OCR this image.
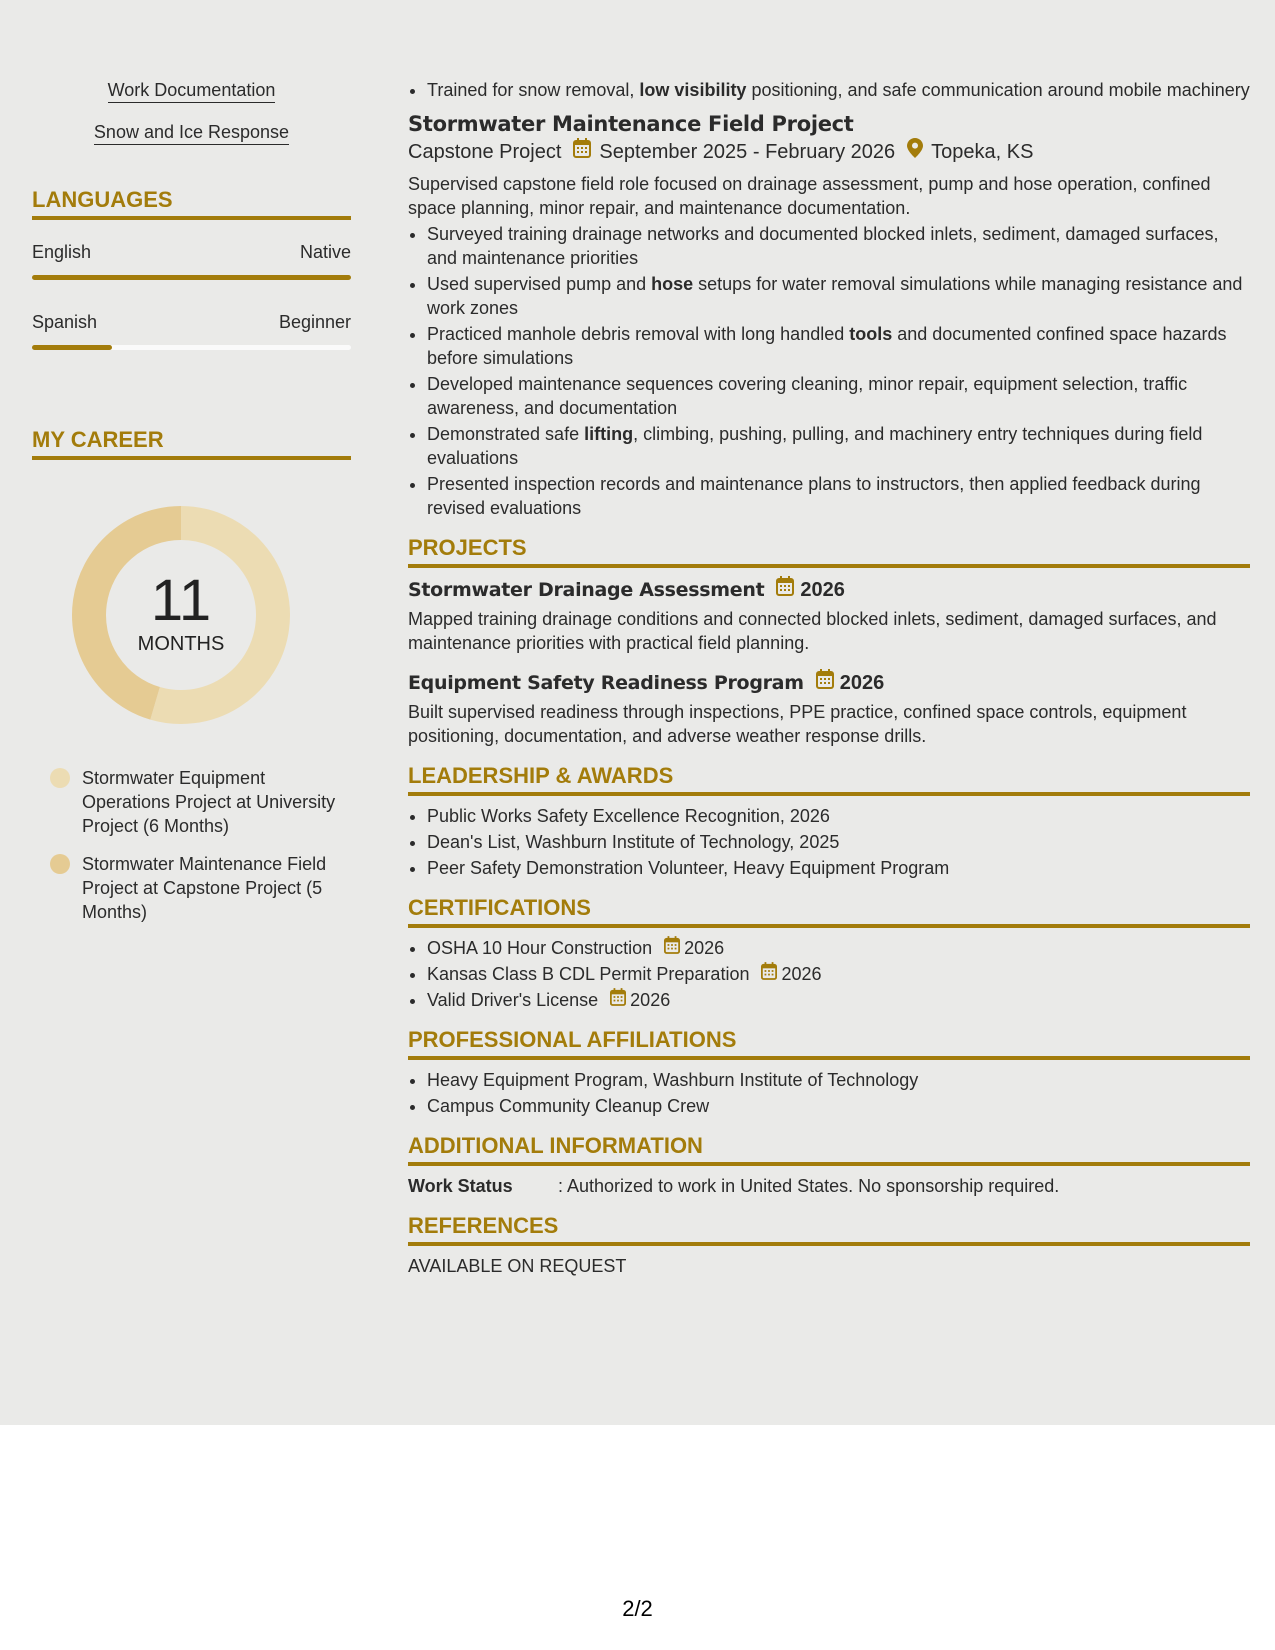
Work Documentation
Snow and Ice Response
LANGUAGES
English	Native
Spanish	Beginner
MY CAREER
11
MONTHS
Stormwater Equipment Operations Project at University Project (6 Months)
Stormwater Maintenance Field Project at Capstone Project (5 Months)
• Trained for snow removal, low visibility positioning, and safe communication around mobile machinery
Stormwater Maintenance Field Project
Capstone Project September 2025 - February 2026 Topeka, KS
Supervised capstone field role focused on drainage assessment, pump and hose operation, confined space planning, minor repair, and maintenance documentation.
• Surveyed training drainage networks and documented blocked inlets, sediment, damaged surfaces, and maintenance priorities
• Used supervised pump and hose setups for water removal simulations while managing resistance and work zones
• Practiced manhole debris removal with long handled tools and documented confined space hazards before simulations
• Developed maintenance sequences covering cleaning, minor repair, equipment selection, traffic awareness, and documentation
• Demonstrated safe lifting, climbing, pushing, pulling, and machinery entry techniques during field evaluations
• Presented inspection records and maintenance plans to instructors, then applied feedback during revised evaluations
PROJECTS
Stormwater Drainage Assessment 2026
Mapped training drainage conditions and connected blocked inlets, sediment, damaged surfaces, and maintenance priorities with practical field planning.
Equipment Safety Readiness Program 2026
Built supervised readiness through inspections, PPE practice, confined space controls, equipment positioning, documentation, and adverse weather response drills.
LEADERSHIP & AWARDS
• Public Works Safety Excellence Recognition, 2026
• Dean's List, Washburn Institute of Technology, 2025
• Peer Safety Demonstration Volunteer, Heavy Equipment Program
CERTIFICATIONS
• OSHA 10 Hour Construction 2026
• Kansas Class B CDL Permit Preparation 2026
• Valid Driver's License 2026
PROFESSIONAL AFFILIATIONS
• Heavy Equipment Program, Washburn Institute of Technology
• Campus Community Cleanup Crew
ADDITIONAL INFORMATION
Work Status	: Authorized to work in United States. No sponsorship required.
REFERENCES
AVAILABLE ON REQUEST
2/2
